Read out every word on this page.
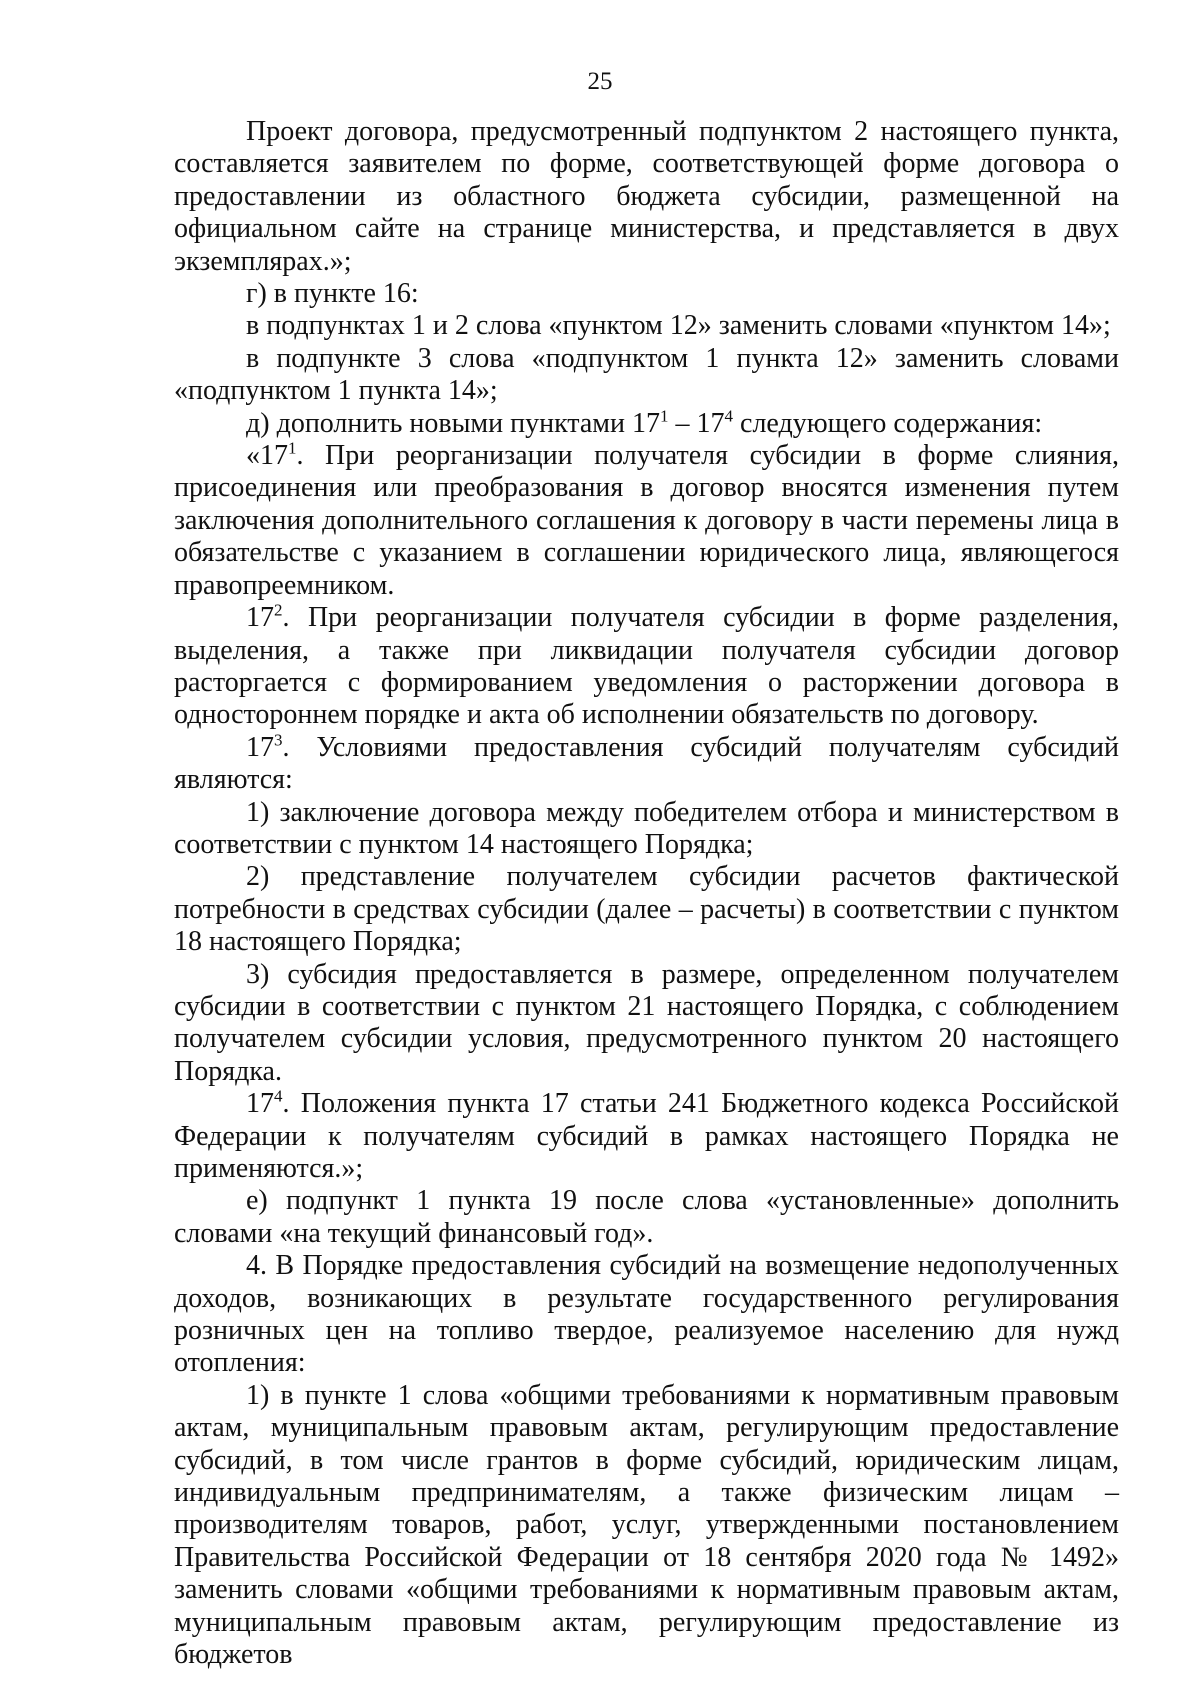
25

Проект договора, предусмотренный подпунктом 2 настоящего пункта, составляется заявителем по форме, соответствующей форме договора о предоставлении из областного бюджета субсидии, размещенной на официальном сайте на странице министерства, и представляется в двух экземплярах.»;

г) в пункте 16:

в подпунктах 1 и 2 слова «пунктом 12» заменить словами «пунктом 14»;

в подпункте 3 слова «подпунктом 1 пункта 12» заменить словами «подпунктом 1 пункта 14»;

д) дополнить новыми пунктами $17^1 - 17^4$ следующего содержания:

«$17^1$. При реорганизации получателя субсидии в форме слияния, присоединения или преобразования в договор вносятся изменения путем заключения дополнительного соглашения к договору в части перемены лица в обязательстве с указанием в соглашении юридического лица, являющегося правопреемником.

$17^2$. При реорганизации получателя субсидии в форме разделения, выделения, а также при ликвидации получателя субсидии договор расторгается с формированием уведомления о расторжении договора в одностороннем порядке и акта об исполнении обязательств по договору.

$17^3$. Условиями предоставления субсидий получателям субсидий являются:

1) заключение договора между победителем отбора и министерством в соответствии с пунктом 14 настоящего Порядка;

2) представление получателем субсидии расчетов фактической потребности в средствах субсидии (далее – расчеты) в соответствии с пунктом 18 настоящего Порядка;

3) субсидия предоставляется в размере, определенном получателем субсидии в соответствии с пунктом 21 настоящего Порядка, с соблюдением получателем субсидии условия, предусмотренного пунктом 20 настоящего Порядка.

$17^4$. Положения пункта 17 статьи 241 Бюджетного кодекса Российской Федерации к получателям субсидий в рамках настоящего Порядка не применяются.»;

е) подпункт 1 пункта 19 после слова «установленные» дополнить словами «на текущий финансовый год».

4. В Порядке предоставления субсидий на возмещение недополученных доходов, возникающих в результате государственного регулирования розничных цен на топливо твердое, реализуемое населению для нужд отопления:

1) в пункте 1 слова «общими требованиями к нормативным правовым актам, муниципальным правовым актам, регулирующим предоставление субсидий, в том числе грантов в форме субсидий, юридическим лицам, индивидуальным предпринимателям, а также физическим лицам – производителям товаров, работ, услуг, утвержденными постановлением Правительства Российской Федерации от 18 сентября 2020 года № 1492» заменить словами «общими требованиями к нормативным правовым актам, муниципальным правовым актам, регулирующим предоставление из бюджетов
